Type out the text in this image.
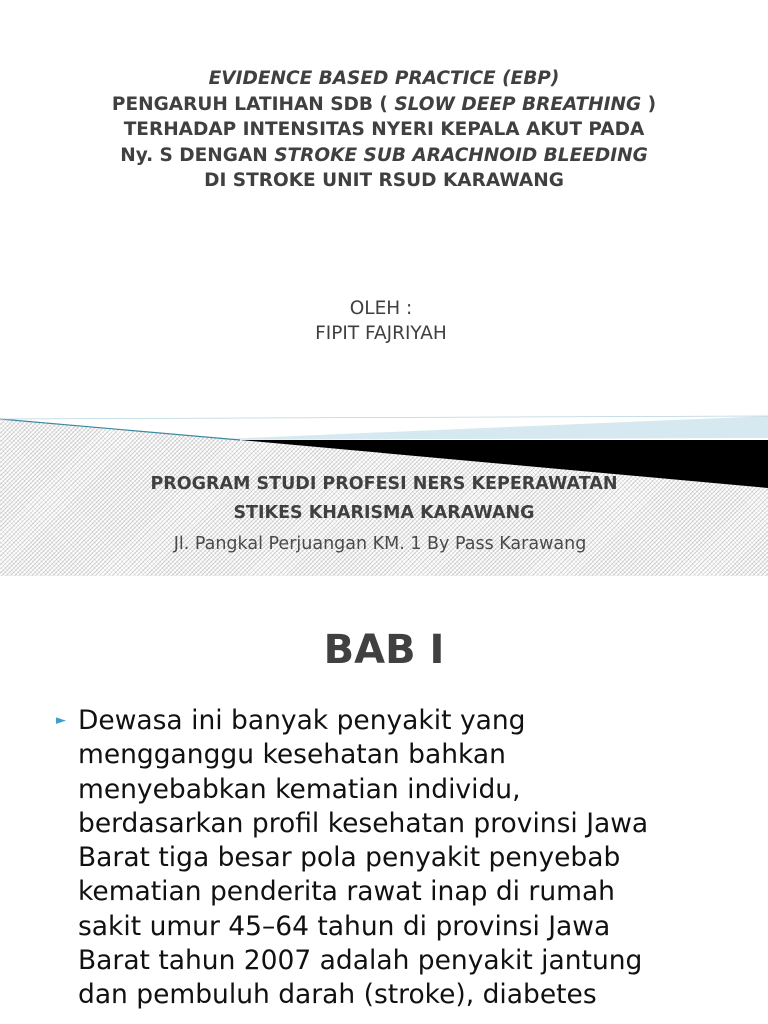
EVIDENCE BASED PRACTICE (EBP)
PENGARUH LATIHAN SDB ( SLOW DEEP BREATHING )
TERHADAP INTENSITAS NYERI KEPALA AKUT PADA
Ny. S DENGAN STROKE SUB ARACHNOID BLEEDING
DI STROKE UNIT RSUD KARAWANG
OLEH :
FIPIT FAJRIYAH
PROGRAM STUDI PROFESI NERS KEPERAWATAN
STIKES KHARISMA KARAWANG
Jl. Pangkal Perjuangan KM. 1 By Pass Karawang
BAB I
► Dewasa ini banyak penyakit yang
mengganggu kesehatan bahkan
menyebabkan kematian individu,
berdasarkan profil kesehatan provinsi Jawa
Barat tiga besar pola penyakit penyebab
kematian penderita rawat inap di rumah
sakit umur 45–64 tahun di provinsi Jawa
Barat tahun 2007 adalah penyakit jantung
dan pembuluh darah (stroke), diabetes
